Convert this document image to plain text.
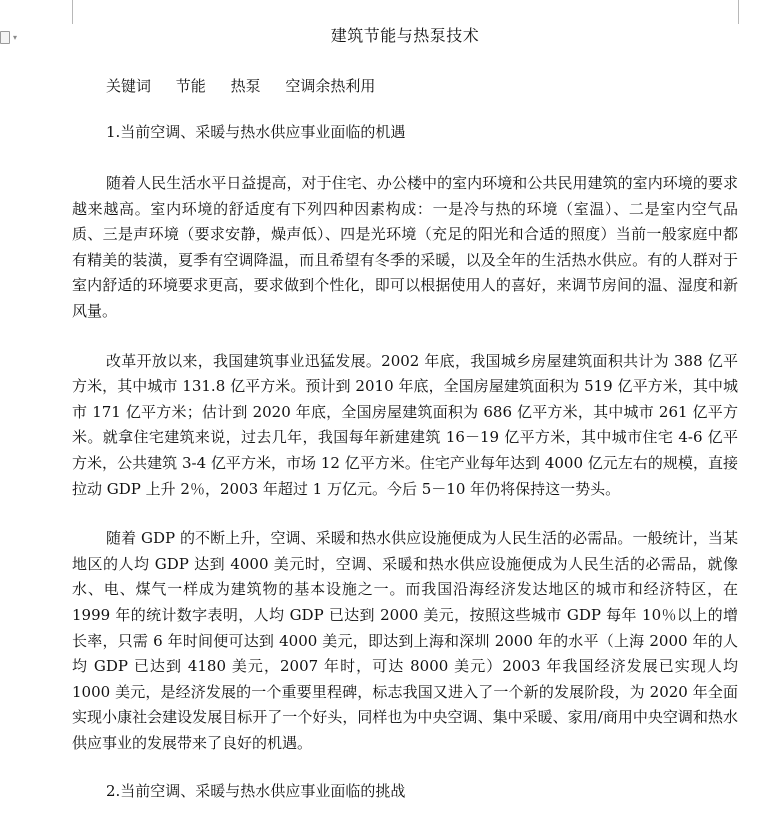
▾	建筑节能与热泵技术
关键词 节能 热泵 空调余热利用
1.当前空调、采暖与热水供应事业面临的机遇

随着人民生活水平日益提高，对于住宅、办公楼中的室内环境和公共民用建筑的室内环境的要求越来越高。室内环境的舒适度有下列四种因素构成：一是冷与热的环境（室温）、二是室内空气品质、三是声环境（要求安静，燥声低）、四是光环境（充足的阳光和合适的照度）当前一般家庭中都有精美的装潢，夏季有空调降温，而且希望有冬季的采暖，以及全年的生活热水供应。有的人群对于室内舒适的环境要求更高，要求做到个性化，即可以根据使用人的喜好，来调节房间的温、湿度和新风量。

改革开放以来，我国建筑事业迅猛发展。2002 年底，我国城乡房屋建筑面积共计为 388 亿平方米，其中城市 131.8 亿平方米。预计到 2010 年底，全国房屋建筑面积为 519 亿平方米，其中城市 171 亿平方米；估计到 2020 年底，全国房屋建筑面积为 686 亿平方米，其中城市 261 亿平方米。就拿住宅建筑来说，过去几年，我国每年新建建筑 16－19 亿平方米，其中城市住宅 4-6 亿平方米，公共建筑 3-4 亿平方米，市场 12 亿平方米。住宅产业每年达到 4000 亿元左右的规模，直接拉动 GDP 上升 2％，2003 年超过 1 万亿元。今后 5－10 年仍将保持这一势头。

随着 GDP 的不断上升，空调、采暖和热水供应设施便成为人民生活的必需品。一般统计，当某地区的人均 GDP 达到 4000 美元时，空调、采暖和热水供应设施便成为人民生活的必需品，就像水、电、煤气一样成为建筑物的基本设施之一。而我国沿海经济发达地区的城市和经济特区，在 1999 年的统计数字表明，人均 GDP 已达到 2000 美元，按照这些城市 GDP 每年 10％以上的增长率，只需 6 年时间便可达到 4000 美元，即达到上海和深圳 2000 年的水平（上海 2000 年的人均 GDP 已达到 4180 美元，2007 年时，可达 8000 美元）2003 年我国经济发展已实现人均 1000 美元，是经济发展的一个重要里程碑，标志我国又进入了一个新的发展阶段，为 2020 年全面实现小康社会建设发展目标开了一个好头，同样也为中央空调、集中采暖、家用/商用中央空调和热水供应事业的发展带来了良好的机遇。

2.当前空调、采暖与热水供应事业面临的挑战
